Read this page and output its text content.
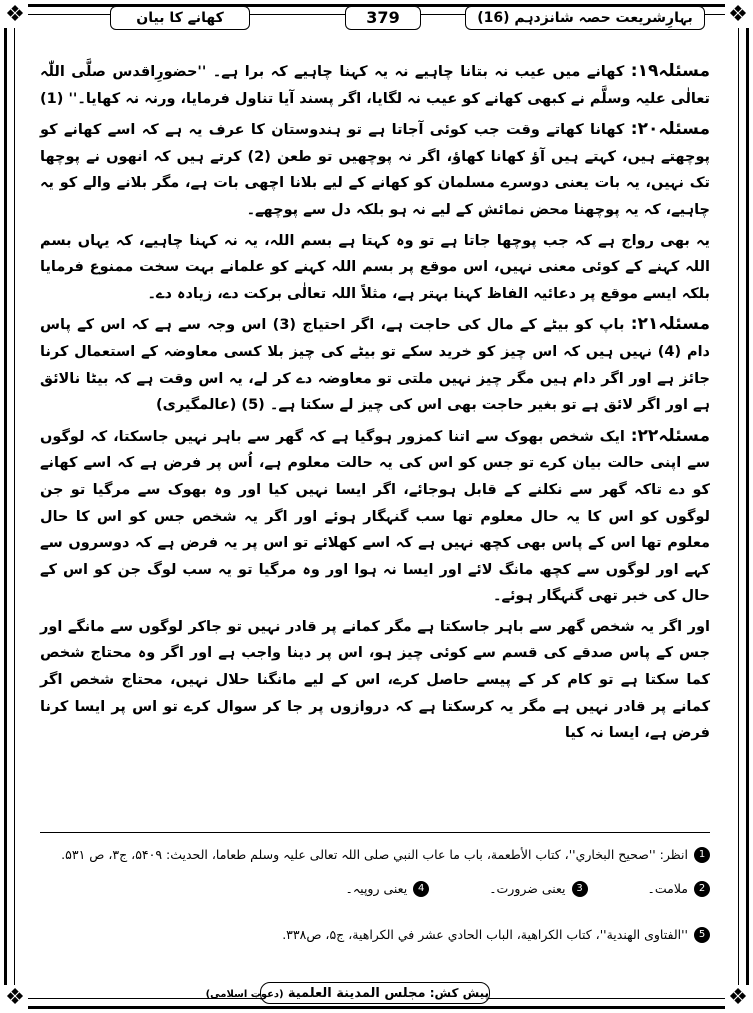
❖	❖
❖	❖
بہارِشریعت حصہ شانزدہم (16)
379
کھانے کا بیان

مسئلہ۱۹: کھانے میں عیب نہ بتانا چاہیے نہ یہ کہنا چاہیے کہ برا ہے۔ ''حضورِاقدس صلَّی اللّٰہ تعالٰی علیہ وسلَّم نے کبھی کھانے کو عیب نہ لگایا، اگر پسند آیا تناول فرمایا، ورنہ نہ کھایا۔'' (1)

مسئلہ۲۰: کھانا کھاتے وقت جب کوئی آجاتا ہے تو ہندوستان کا عرف یہ ہے کہ اسے کھانے کو پوچھتے ہیں، کہتے ہیں آؤ کھانا کھاؤ، اگر نہ پوچھیں تو طعن (2) کرتے ہیں کہ انھوں نے پوچھا تک نہیں، یہ بات یعنی دوسرے مسلمان کو کھانے کے لیے بلانا اچھی بات ہے، مگر بلانے والے کو یہ چاہیے، کہ یہ پوچھنا محض نمائش کے لیے نہ ہو بلکہ دل سے پوچھے۔

یہ بھی رواج ہے کہ جب پوچھا جاتا ہے تو وہ کہتا ہے بسم اللہ، یہ نہ کہنا چاہیے، کہ یہاں بسم اللہ کہنے کے کوئی معنی نہیں، اس موقع پر بسم اللہ کہنے کو علمانے بہت سخت ممنوع فرمایا بلکہ ایسے موقع پر دعائیہ الفاظ کہنا بہتر ہے، مثلاً اللہ تعالٰی برکت دے، زیادہ دے۔

مسئلہ۲۱: باپ کو بیٹے کے مال کی حاجت ہے، اگر احتیاج (3) اس وجہ سے ہے کہ اس کے پاس دام (4) نہیں ہیں کہ اس چیز کو خرید سکے تو بیٹے کی چیز بلا کسی معاوضہ کے استعمال کرنا جائز ہے اور اگر دام ہیں مگر چیز نہیں ملتی تو معاوضہ دے کر لے، یہ اس وقت ہے کہ بیٹا نالائق ہے اور اگر لائق ہے تو بغیر حاجت بھی اس کی چیز لے سکتا ہے۔ (5) (عالمگیری)

مسئلہ۲۲: ایک شخص بھوک سے اتنا کمزور ہوگیا ہے کہ گھر سے باہر نہیں جاسکتا، کہ لوگوں سے اپنی حالت بیان کرے تو جس کو اس کی یہ حالت معلوم ہے، اُس پر فرض ہے کہ اسے کھانے کو دے تاکہ گھر سے نکلنے کے قابل ہوجائے، اگر ایسا نہیں کیا اور وہ بھوک سے مرگیا تو جن لوگوں کو اس کا یہ حال معلوم تھا سب گنہگار ہوئے اور اگر یہ شخص جس کو اس کا حال معلوم تھا اس کے پاس بھی کچھ نہیں ہے کہ اسے کھلائے تو اس پر یہ فرض ہے کہ دوسروں سے کہے اور لوگوں سے کچھ مانگ لائے اور ایسا نہ ہوا اور وہ مرگیا تو یہ سب لوگ جن کو اس کے حال کی خبر تھی گنہگار ہوئے۔

اور اگر یہ شخص گھر سے باہر جاسکتا ہے مگر کمانے پر قادر نہیں تو جاکر لوگوں سے مانگے اور جس کے پاس صدقے کی قسم سے کوئی چیز ہو، اس پر دینا واجب ہے اور اگر وہ محتاج شخص کما سکتا ہے تو کام کر کے پیسے حاصل کرے، اس کے لیے مانگنا حلال نہیں، محتاج شخص اگر کمانے پر قادر نہیں ہے مگر یہ کرسکتا ہے کہ دروازوں پر جا کر سوال کرے تو اس پر ایسا کرنا فرض ہے، ایسا نہ کیا

1
انظر: ''صحیح البخاري''، کتاب الأطعمة، باب ما عاب النبي صلی اللہ تعالی علیہ وسلم طعاما، الحدیث: ۵۴۰۹، ج۳، ص ۵۳۱.
2
ملامت۔
3
یعنی ضرورت۔
4
یعنی روپیہ۔
5
''الفتاوی الھندیة''، کتاب الکراھیة، الباب الحادي عشر في الکراھیة، ج۵، ص۳۳۸.
پیش کش: مجلس المدینة العلمیة (دعوتِ اسلامی)
